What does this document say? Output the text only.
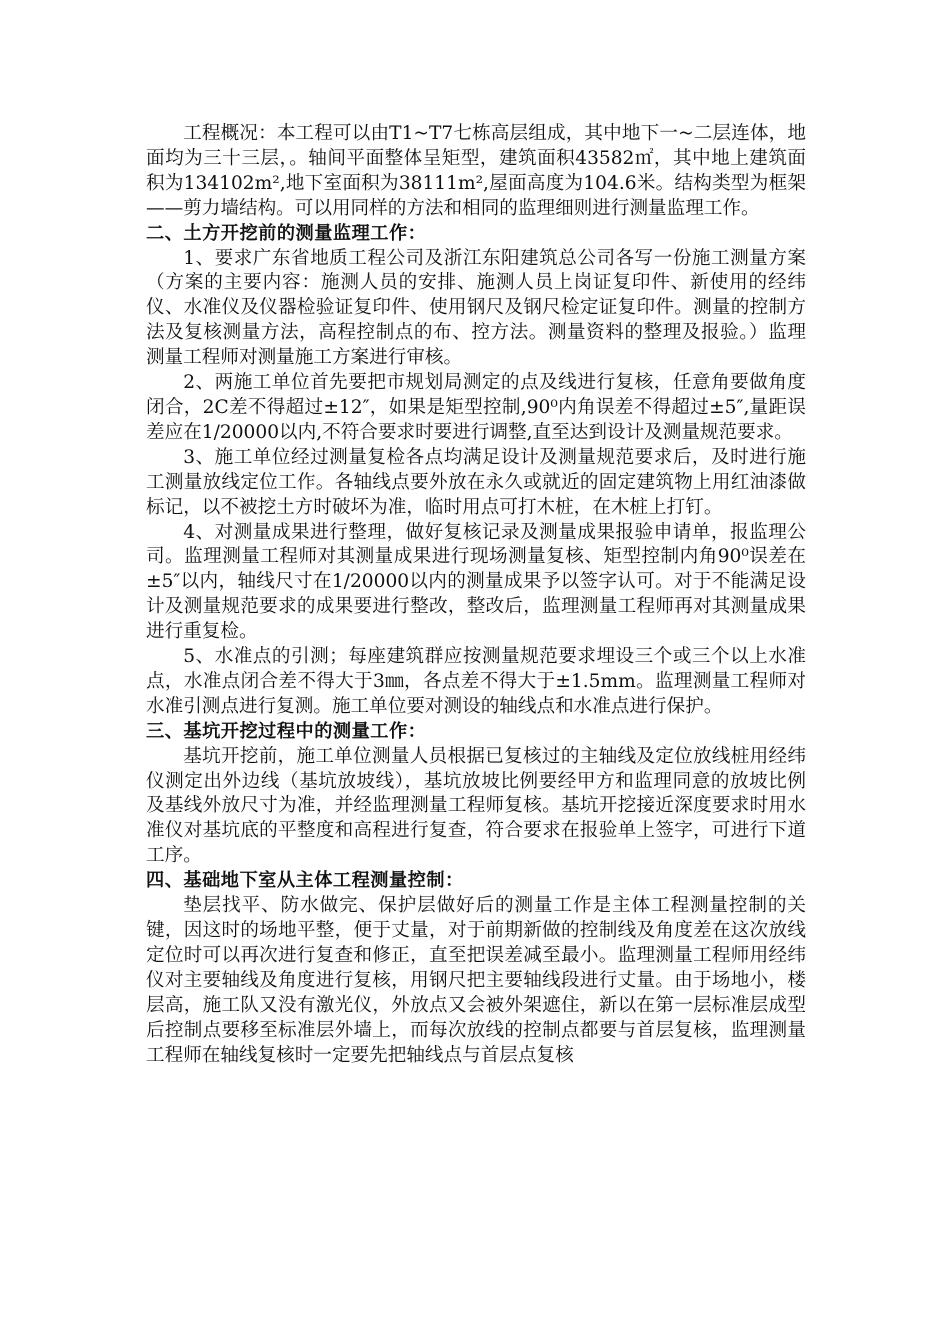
工程概况：本工程可以由T1~T7七栋高层组成，其中地下一~二层连体，地面均为三十三层，。轴间平面整体呈矩型，建筑面积43582㎡，其中地上建筑面积为134102m²,地下室面积为38111m²,屋面高度为104.6米。结构类型为框架——剪力墙结构。可以用同样的方法和相同的监理细则进行测量监理工作。

二、土方开挖前的测量监理工作：

1、要求广东省地质工程公司及浙江东阳建筑总公司各写一份施工测量方案（方案的主要内容：施测人员的安排、施测人员上岗证复印件、新使用的经纬仪、水准仪及仪器检验证复印件、使用钢尺及钢尺检定证复印件。测量的控制方法及复核测量方法，高程控制点的布、控方法。测量资料的整理及报验。）监理测量工程师对测量施工方案进行审核。

2、两施工单位首先要把市规划局测定的点及线进行复核，任意角要做角度闭合，2C差不得超过±12″，如果是矩型控制,90⁰内角误差不得超过±5″,量距误差应在1/20000以内,不符合要求时要进行调整,直至达到设计及测量规范要求。

3、施工单位经过测量复检各点均满足设计及测量规范要求后，及时进行施工测量放线定位工作。各轴线点要外放在永久或就近的固定建筑物上用红油漆做标记，以不被挖土方时破坏为准，临时用点可打木桩，在木桩上打钉。

4、对测量成果进行整理，做好复核记录及测量成果报验申请单，报监理公司。监理测量工程师对其测量成果进行现场测量复核、矩型控制内角90⁰误差在±5″以内，轴线尺寸在1/20000以内的测量成果予以签字认可。对于不能满足设计及测量规范要求的成果要进行整改，整改后，监理测量工程师再对其测量成果进行重复检。

5、水准点的引测；每座建筑群应按测量规范要求埋设三个或三个以上水准点，水准点闭合差不得大于3㎜，各点差不得大于±1.5mm。监理测量工程师对水准引测点进行复测。施工单位要对测设的轴线点和水准点进行保护。

三、基坑开挖过程中的测量工作：

基坑开挖前，施工单位测量人员根据已复核过的主轴线及定位放线桩用经纬仪测定出外边线（基坑放坡线），基坑放坡比例要经甲方和监理同意的放坡比例及基线外放尺寸为准，并经监理测量工程师复核。基坑开挖接近深度要求时用水准仪对基坑底的平整度和高程进行复查，符合要求在报验单上签字，可进行下道工序。

四、基础地下室从主体工程测量控制：

垫层找平、防水做完、保护层做好后的测量工作是主体工程测量控制的关键，因这时的场地平整，便于丈量，对于前期新做的控制线及角度差在这次放线定位时可以再次进行复查和修正，直至把误差减至最小。监理测量工程师用经纬仪对主要轴线及角度进行复核，用钢尺把主要轴线段进行丈量。由于场地小，楼层高，施工队又没有激光仪，外放点又会被外架遮住，新以在第一层标准层成型后控制点要移至标准层外墙上，而每次放线的控制点都要与首层复核，监理测量工程师在轴线复核时一定要先把轴线点与首层点复核
